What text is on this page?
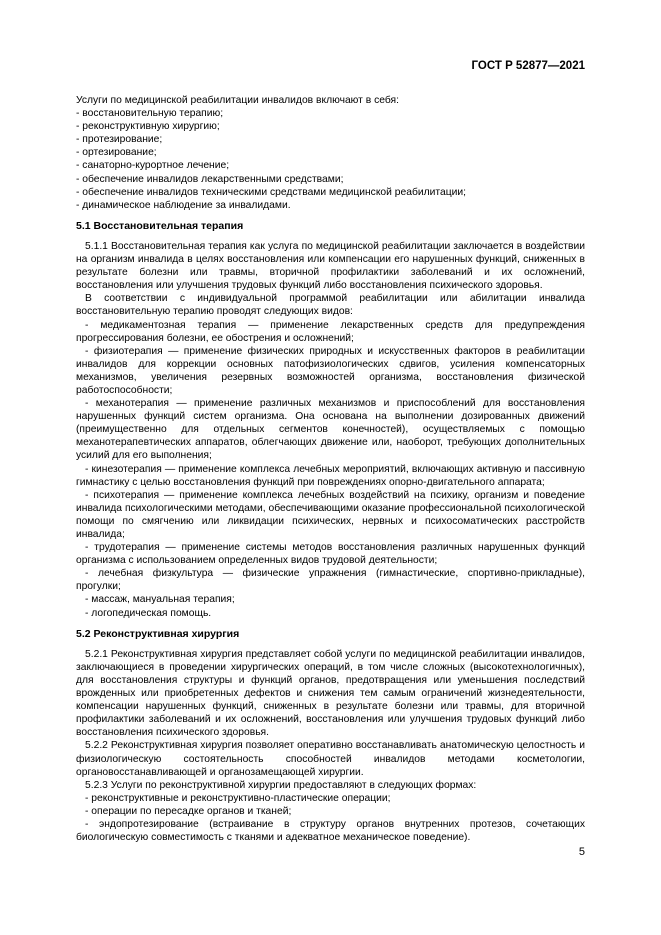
ГОСТ Р 52877—2021

Услуги по медицинской реабилитации инвалидов включают в себя:

- восстановительную терапию;

- реконструктивную хирургию;

- протезирование;

- ортезирование;

- санаторно-курортное лечение;

- обеспечение инвалидов лекарственными средствами;

- обеспечение инвалидов техническими средствами медицинской реабилитации;

- динамическое наблюдение за инвалидами.

5.1 Восстановительная терапия

5.1.1 Восстановительная терапия как услуга по медицинской реабилитации заключается в воздействии на организм инвалида в целях восстановления или компенсации его нарушенных функций, сниженных в результате болезни или травмы, вторичной профилактики заболеваний и их осложнений, восстановления или улучшения трудовых функций либо восстановления психического здоровья.

В соответствии с индивидуальной программой реабилитации или абилитации инвалида восстановительную терапию проводят следующих видов:

- медикаментозная терапия — применение лекарственных средств для предупреждения прогрессирования болезни, ее обострения и осложнений;

- физиотерапия — применение физических природных и искусственных факторов в реабилитации инвалидов для коррекции основных патофизиологических сдвигов, усиления компенсаторных механизмов, увеличения резервных возможностей организма, восстановления физической работоспособности;

- механотерапия — применение различных механизмов и приспособлений для восстановления нарушенных функций систем организма. Она основана на выполнении дозированных движений (преимущественно для отдельных сегментов конечностей), осуществляемых с помощью механотерапевтических аппаратов, облегчающих движение или, наоборот, требующих дополнительных усилий для его выполнения;

- кинезотерапия — применение комплекса лечебных мероприятий, включающих активную и пассивную гимнастику с целью восстановления функций при повреждениях опорно-двигательного аппарата;

- психотерапия — применение комплекса лечебных воздействий на психику, организм и поведение инвалида психологическими методами, обеспечивающими оказание профессиональной психологической помощи по смягчению или ликвидации психических, нервных и психосоматических расстройств инвалида;

- трудотерапия — применение системы методов восстановления различных нарушенных функций организма с использованием определенных видов трудовой деятельности;

- лечебная физкультура — физические упражнения (гимнастические, спортивно-прикладные), прогулки;

- массаж, мануальная терапия;

- логопедическая помощь.

5.2 Реконструктивная хирургия

5.2.1 Реконструктивная хирургия представляет собой услуги по медицинской реабилитации инвалидов, заключающиеся в проведении хирургических операций, в том числе сложных (высокотехнологичных), для восстановления структуры и функций органов, предотвращения или уменьшения последствий врожденных или приобретенных дефектов и снижения тем самым ограничений жизнедеятельности, компенсации нарушенных функций, сниженных в результате болезни или травмы, для вторичной профилактики заболеваний и их осложнений, восстановления или улучшения трудовых функций либо восстановления психического здоровья.

5.2.2 Реконструктивная хирургия позволяет оперативно восстанавливать анатомическую целостность и физиологическую состоятельность способностей инвалидов методами косметологии, органовосстанавливающей и органозамещающей хирургии.

5.2.3 Услуги по реконструктивной хирургии предоставляют в следующих формах:

- реконструктивные и реконструктивно-пластические операции;

- операции по пересадке органов и тканей;

- эндопротезирование (встраивание в структуру органов внутренних протезов, сочетающих биологическую совместимость с тканями и адекватное механическое поведение).

5
